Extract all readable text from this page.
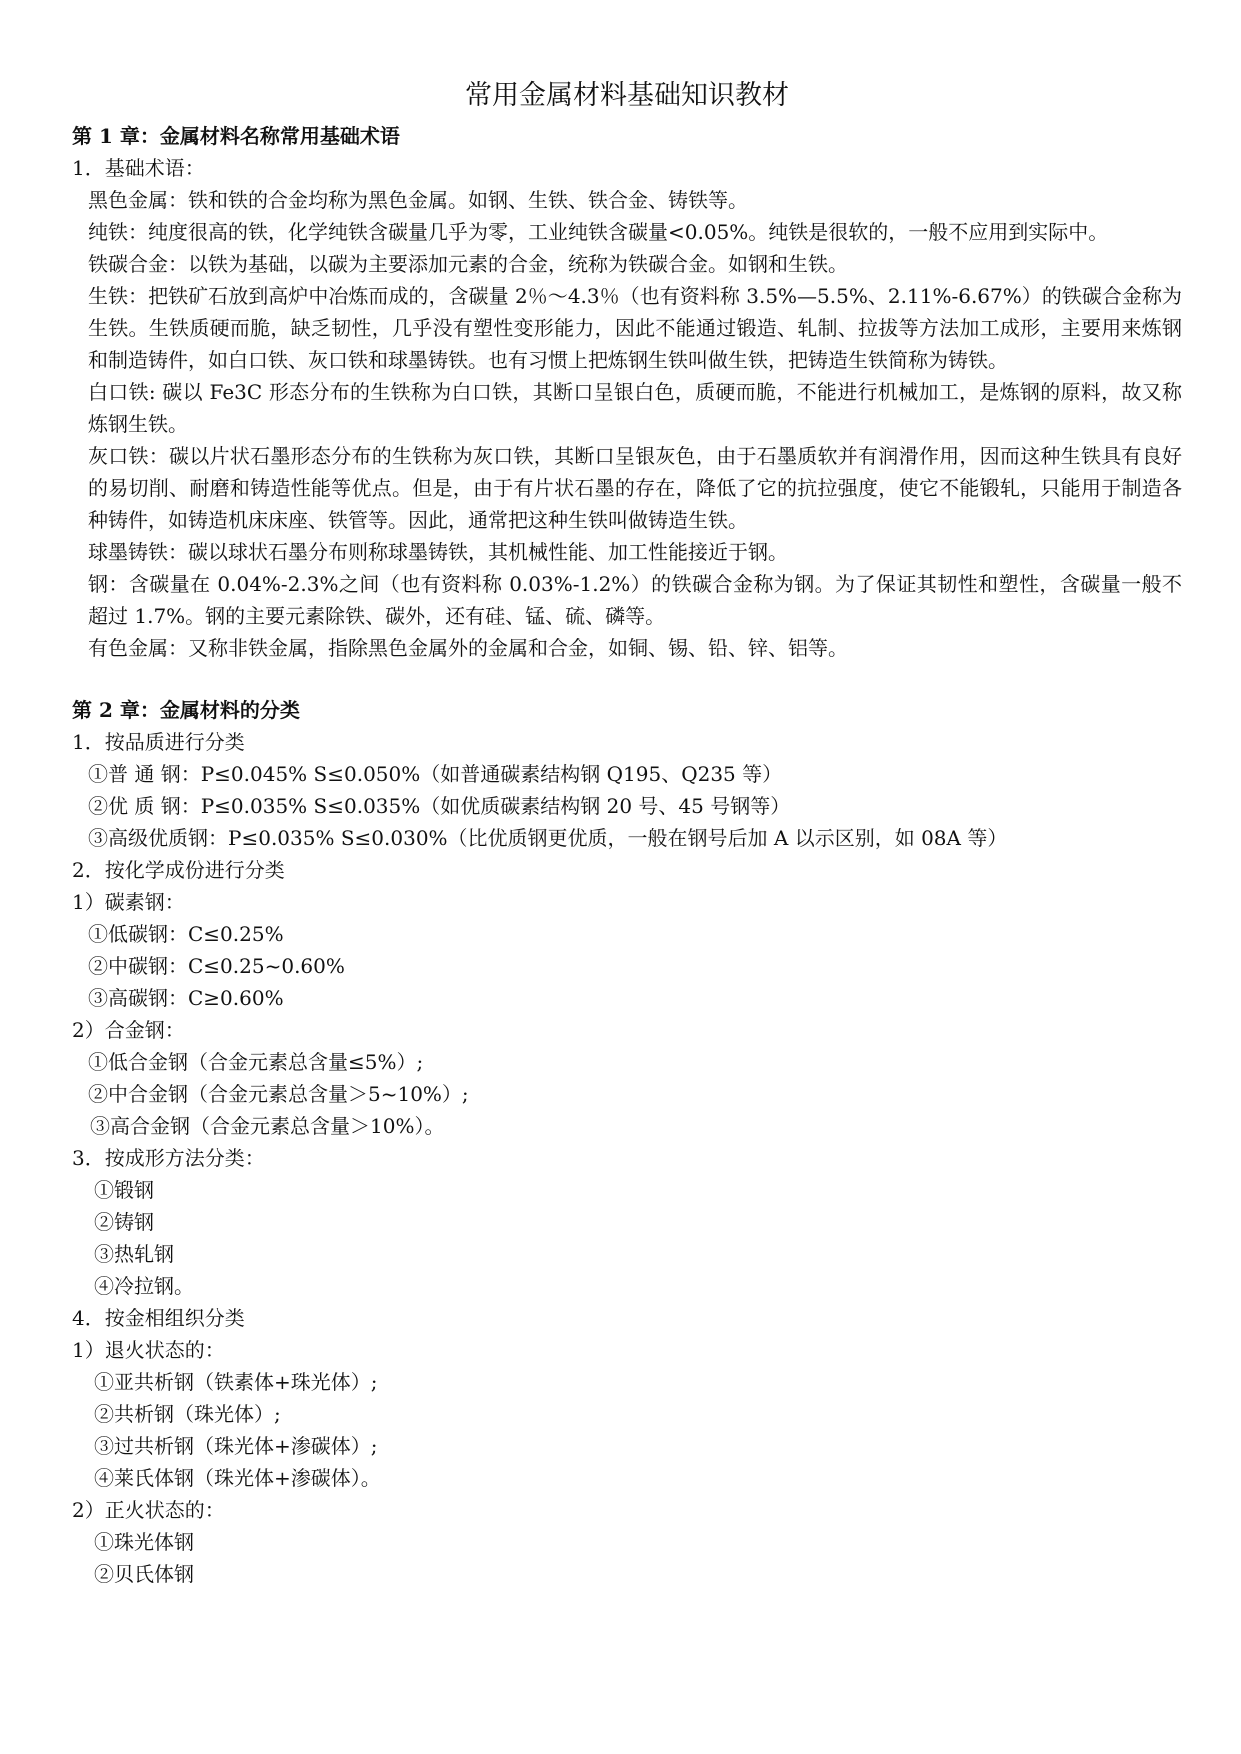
常用金属材料基础知识教材

第 1 章：金属材料名称常用基础术语

1．基础术语：

黑色金属：铁和铁的合金均称为黑色金属。如钢、生铁、铁合金、铸铁等。

纯铁：纯度很高的铁，化学纯铁含碳量几乎为零，工业纯铁含碳量<0.05%。纯铁是很软的，一般不应用到实际中。

铁碳合金：以铁为基础，以碳为主要添加元素的合金，统称为铁碳合金。如钢和生铁。

生铁：把铁矿石放到高炉中冶炼而成的，含碳量 2％～4.3％（也有资料称 3.5%—5.5%、2.11%-6.67%）的铁碳合金称为生铁。生铁质硬而脆，缺乏韧性，几乎没有塑性变形能力，因此不能通过锻造、轧制、拉拔等方法加工成形，主要用来炼钢和制造铸件，如白口铁、灰口铁和球墨铸铁。也有习惯上把炼钢生铁叫做生铁，把铸造生铁简称为铸铁。

白口铁: 碳以 Fe3C 形态分布的生铁称为白口铁，其断口呈银白色，质硬而脆，不能进行机械加工，是炼钢的原料，故又称炼钢生铁。

灰口铁：碳以片状石墨形态分布的生铁称为灰口铁，其断口呈银灰色，由于石墨质软并有润滑作用，因而这种生铁具有良好的易切削、耐磨和铸造性能等优点。但是，由于有片状石墨的存在，降低了它的抗拉强度，使它不能锻轧，只能用于制造各种铸件，如铸造机床床座、铁管等。因此，通常把这种生铁叫做铸造生铁。

球墨铸铁：碳以球状石墨分布则称球墨铸铁，其机械性能、加工性能接近于钢。

钢：含碳量在 0.04%-2.3%之间（也有资料称 0.03%-1.2%）的铁碳合金称为钢。为了保证其韧性和塑性，含碳量一般不超过 1.7%。钢的主要元素除铁、碳外，还有硅、锰、硫、磷等。

有色金属：又称非铁金属，指除黑色金属外的金属和合金，如铜、锡、铅、锌、铝等。

第 2 章：金属材料的分类

1．按品质进行分类

①普 通 钢：P≤0.045% S≤0.050%（如普通碳素结构钢 Q195、Q235 等）

②优 质 钢：P≤0.035% S≤0.035%（如优质碳素结构钢 20 号、45 号钢等）

③高级优质钢：P≤0.035% S≤0.030%（比优质钢更优质，一般在钢号后加 A 以示区别，如 08A 等）

2．按化学成份进行分类

1）碳素钢：

①低碳钢：C≤0.25%

②中碳钢：C≤0.25~0.60%

③高碳钢：C≥0.60%

2）合金钢：

①低合金钢（合金元素总含量≤5%）;

②中合金钢（合金元素总含量＞5~10%）;

③高合金钢（合金元素总含量＞10%）。

3．按成形方法分类：

①锻钢

②铸钢

③热轧钢

④冷拉钢。

4．按金相组织分类

1）退火状态的：

①亚共析钢（铁素体+珠光体）;

②共析钢（珠光体）;

③过共析钢（珠光体+渗碳体）;

④莱氏体钢（珠光体+渗碳体）。

2）正火状态的：

①珠光体钢

②贝氏体钢
